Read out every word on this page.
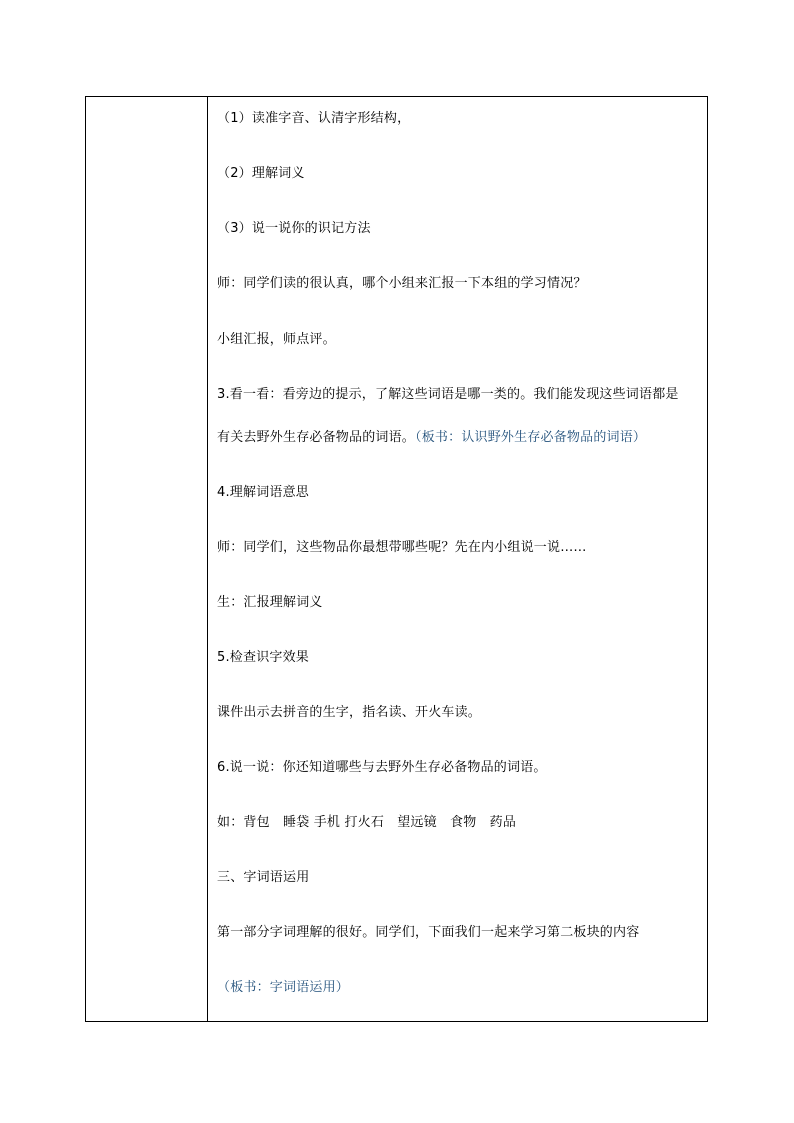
（1）读准字音、认清字形结构，
（2）理解词义
（3）说一说你的识记方法
师：同学们读的很认真，哪个小组来汇报一下本组的学习情况？
小组汇报，师点评。
3.看一看：看旁边的提示，了解这些词语是哪一类的。我们能发现这些词语都是
有关去野外生存必备物品的词语。（板书：认识野外生存必备物品的词语）
4.理解词语意思
师：同学们，这些物品你最想带哪些呢？先在内小组说一说……
生：汇报理解词义
5.检查识字效果
课件出示去拼音的生字，指名读、开火车读。
6.说一说：你还知道哪些与去野外生存必备物品的词语。
如：背包　睡袋 手机 打火石　望远镜　食物　药品
三、字词语运用
第一部分字词理解的很好。同学们，下面我们一起来学习第二板块的内容
（板书：字词语运用）
